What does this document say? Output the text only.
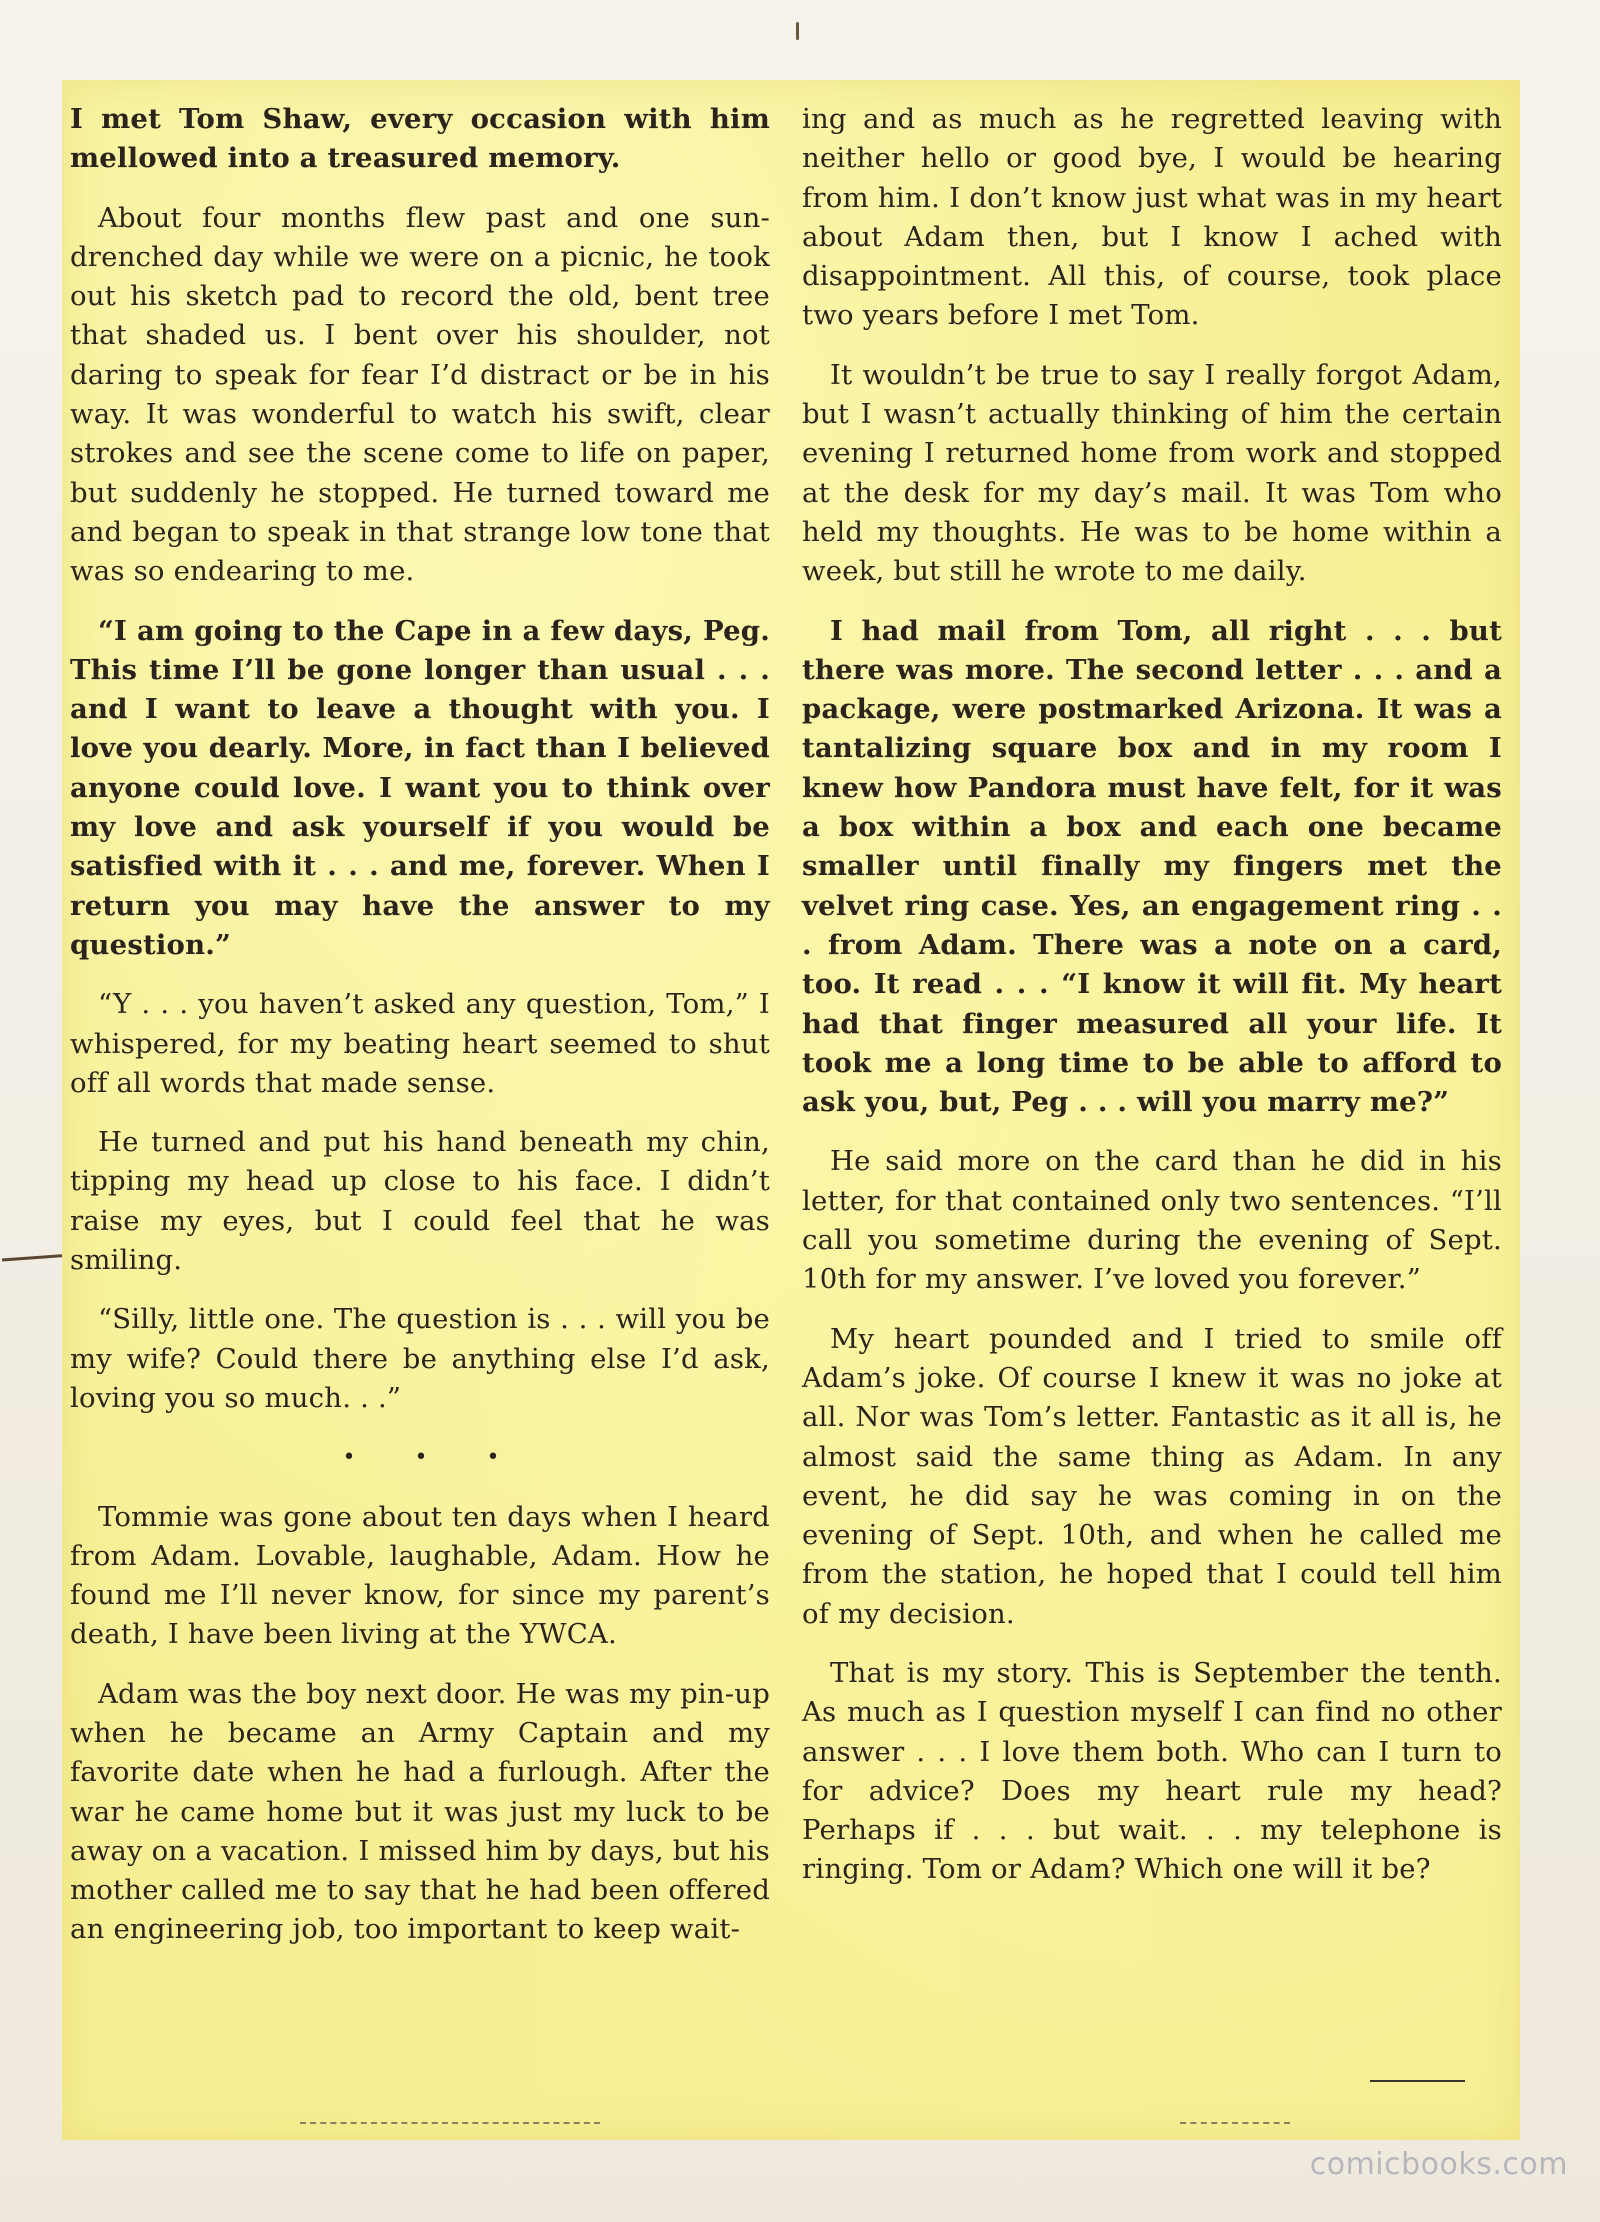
I met Tom Shaw, every occasion with him mellowed into a treasured memory.

About four months flew past and one sun-drenched day while we were on a picnic, he took out his sketch pad to record the old, bent tree that shaded us. I bent over his shoulder, not daring to speak for fear I’d distract or be in his way. It was wonderful to watch his swift, clear strokes and see the scene come to life on paper, but suddenly he stopped. He turned toward me and began to speak in that strange low tone that was so endearing to me.

“I am going to the Cape in a few days, Peg. This time I’ll be gone longer than usual . . . and I want to leave a thought with you. I love you dearly. More, in fact than I believed anyone could love. I want you to think over my love and ask yourself if you would be satisfied with it . . . and me, forever. When I return you may have the answer to my question.”

“Y . . . you haven’t asked any question, Tom,” I whispered, for my beating heart seemed to shut off all words that made sense.

He turned and put his hand beneath my chin, tipping my head up close to his face. I didn’t raise my eyes, but I could feel that he was smiling.

“Silly, little one. The question is . . . will you be my wife? Could there be anything else I’d ask, loving you so much. . .”

• • •

Tommie was gone about ten days when I heard from Adam. Lovable, laughable, Adam. How he found me I’ll never know, for since my parent’s death, I have been living at the YWCA.

Adam was the boy next door. He was my pin-up when he became an Army Captain and my favorite date when he had a furlough. After the war he came home but it was just my luck to be away on a vacation. I missed him by days, but his mother called me to say that he had been offered an engineering job, too important to keep wait-

ing and as much as he regretted leaving with neither hello or good bye, I would be hearing from him. I don’t know just what was in my heart about Adam then, but I know I ached with disappointment. All this, of course, took place two years before I met Tom.

It wouldn’t be true to say I really forgot Adam, but I wasn’t actually thinking of him the certain evening I returned home from work and stopped at the desk for my day’s mail. It was Tom who held my thoughts. He was to be home within a week, but still he wrote to me daily.

I had mail from Tom, all right . . . but there was more. The second letter . . . and a package, were postmarked Arizona. It was a tantalizing square box and in my room I knew how Pandora must have felt, for it was a box within a box and each one became smaller until finally my fingers met the velvet ring case. Yes, an engagement ring . . . from Adam. There was a note on a card, too. It read . . . “I know it will fit. My heart had that finger measured all your life. It took me a long time to be able to afford to ask you, but, Peg . . . will you marry me?”

He said more on the card than he did in his letter, for that contained only two sentences. “I’ll call you sometime during the evening of Sept. 10th for my answer. I’ve loved you forever.”

My heart pounded and I tried to smile off Adam’s joke. Of course I knew it was no joke at all. Nor was Tom’s letter. Fantastic as it all is, he almost said the same thing as Adam. In any event, he did say he was coming in on the evening of Sept. 10th, and when he called me from the station, he hoped that I could tell him of my decision.

That is my story. This is September the tenth. As much as I question myself I can find no other answer . . . I love them both. Who can I turn to for advice? Does my heart rule my head? Perhaps if . . . but wait. . . my telephone is ringing. Tom or Adam? Which one will it be?

comicbooks.com
